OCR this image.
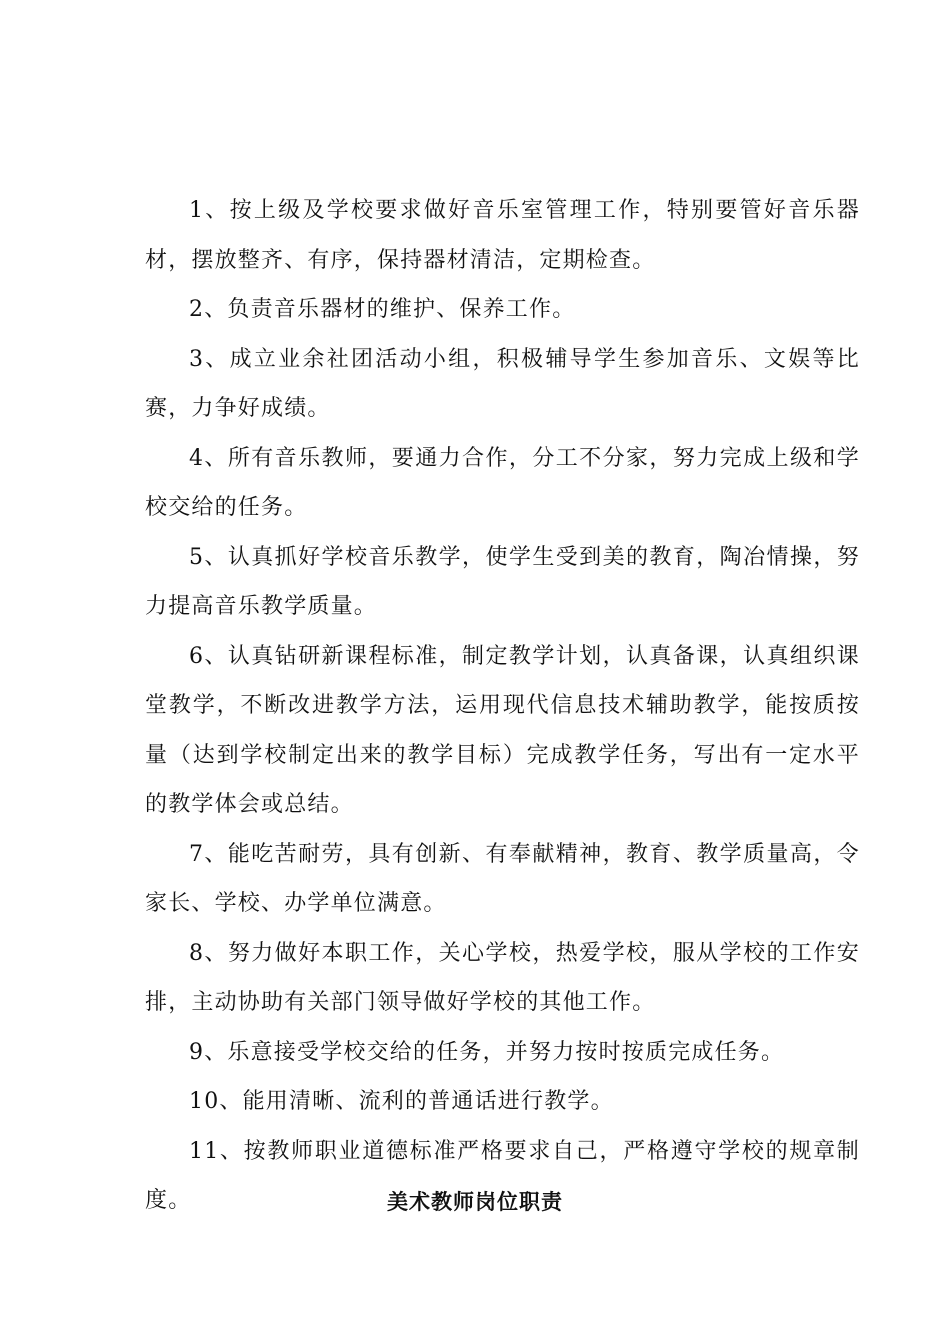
1、按上级及学校要求做好音乐室管理工作，特别要管好音乐器材，摆放整齐、有序，保持器材清洁，定期检查。

2、负责音乐器材的维护、保养工作。

3、成立业余社团活动小组，积极辅导学生参加音乐、文娱等比赛，力争好成绩。

4、所有音乐教师，要通力合作，分工不分家，努力完成上级和学校交给的任务。

5、认真抓好学校音乐教学，使学生受到美的教育，陶冶情操，努力提高音乐教学质量。

6、认真钻研新课程标准，制定教学计划，认真备课，认真组织课堂教学，不断改进教学方法，运用现代信息技术辅助教学，能按质按量（达到学校制定出来的教学目标）完成教学任务，写出有一定水平的教学体会或总结。

7、能吃苦耐劳，具有创新、有奉献精神，教育、教学质量高，令家长、学校、办学单位满意。

8、努力做好本职工作，关心学校，热爱学校，服从学校的工作安排，主动协助有关部门领导做好学校的其他工作。

9、乐意接受学校交给的任务，并努力按时按质完成任务。

10、能用清晰、流利的普通话进行教学。

11、按教师职业道德标准严格要求自己，严格遵守学校的规章制度。	美术教师岗位职责
